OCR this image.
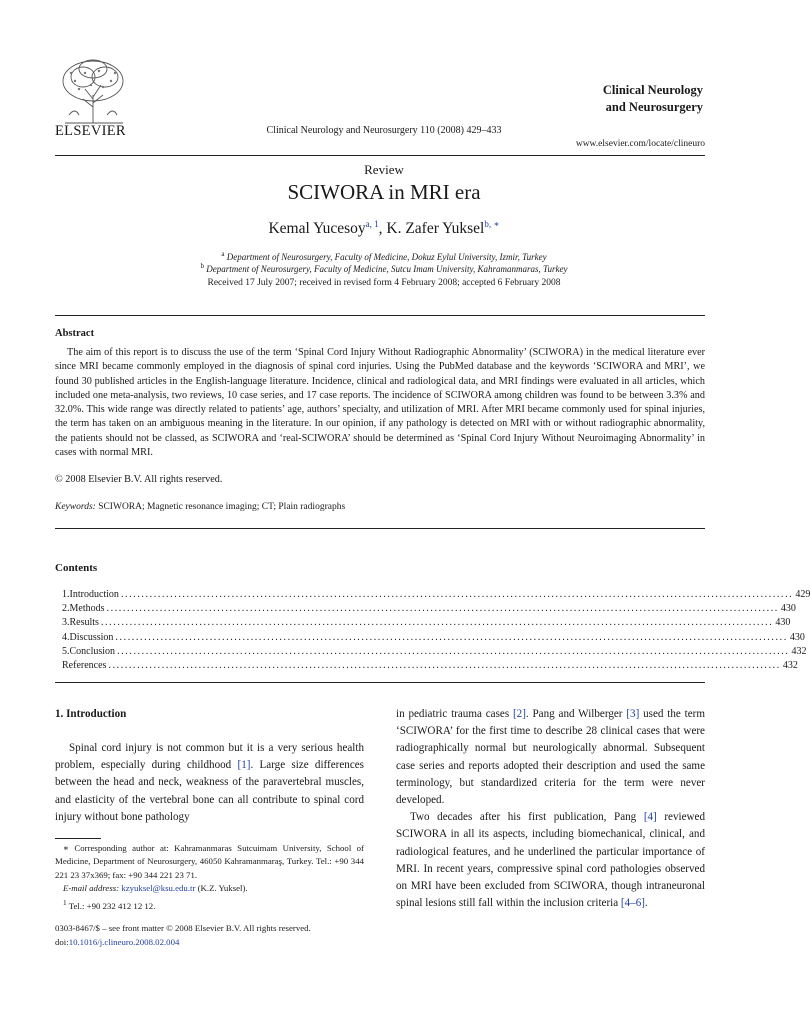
ELSEVIER	Clinical Neurology and Neurosurgery 110 (2008) 429–433
Clinical Neurology
and Neurosurgery
www.elsevier.com/locate/clineuro
Review
SCIWORA in MRI era
Kemal Yucesoy$^{a, 1}$, K. Zafer Yuksel$^{b, ∗}$
$^a$ Department of Neurosurgery, Faculty of Medicine, Dokuz Eylul University, Izmir, Turkey
$^b$ Department of Neurosurgery, Faculty of Medicine, Sutcu Imam University, Kahramanmaras, Turkey
Received 17 July 2007; received in revised form 4 February 2008; accepted 6 February 2008
Abstract
The aim of this report is to discuss the use of the term ‘Spinal Cord Injury Without Radiographic Abnormality’ (SCIWORA) in the medical literature ever since MRI became commonly employed in the diagnosis of spinal cord injuries. Using the PubMed database and the keywords ‘SCIWORA and MRI’, we found 30 published articles in the English-language literature. Incidence, clinical and radiological data, and MRI findings were evaluated in all articles, which included one meta-analysis, two reviews, 10 case series, and 17 case reports. The incidence of SCIWORA among children was found to be between 3.3% and 32.0%. This wide range was directly related to patients’ age, authors’ specialty, and utilization of MRI. After MRI became commonly used for spinal injuries, the term has taken on an ambiguous meaning in the literature. In our opinion, if any pathology is detected on MRI with or without radiographic abnormality, the patients should not be classed, as SCIWORA and ‘real-SCIWORA’ should be determined as ‘Spinal Cord Injury Without Neuroimaging Abnormality’ in cases with normal MRI.
© 2008 Elsevier B.V. All rights reserved.
Keywords: SCIWORA; Magnetic resonance imaging; CT; Plain radiographs
Contents
1. Introduction .................................................................................................................................................................... 429
2. Methods .................................................................................................................................................................... 430
3. Results .................................................................................................................................................................... 430
4. Discussion .................................................................................................................................................................... 430
5. Conclusion .................................................................................................................................................................... 432
References .................................................................................................................................................................... 432
1. Introduction

Spinal cord injury is not common but it is a very serious health problem, especially during childhood [1]. Large size differences between the head and neck, weakness of the paravertebral muscles, and elasticity of the vertebral bone can all contribute to spinal cord injury without bone pathology

∗ Corresponding author at: Kahramanmaras Sutcuimam University, School of Medicine, Department of Neurosurgery, 46050 Kahramanmaraş, Turkey. Tel.: +90 344 221 23 37x369; fax: +90 344 221 23 71.

E-mail address: kzyuksel@ksu.edu.tr (K.Z. Yuksel).

$^1$ Tel.: +90 232 412 12 12.

0303-8467/$ – see front matter © 2008 Elsevier B.V. All rights reserved.
doi:10.1016/j.clineuro.2008.02.004

in pediatric trauma cases [2]. Pang and Wilberger [3] used the term ‘SCIWORA’ for the first time to describe 28 clinical cases that were radiographically normal but neurologically abnormal. Subsequent case series and reports adopted their description and used the same terminology, but standardized criteria for the term were never developed.

Two decades after his first publication, Pang [4] reviewed SCIWORA in all its aspects, including biomechanical, clinical, and radiological features, and he underlined the particular importance of MRI. In recent years, compressive spinal cord pathologies observed on MRI have been excluded from SCIWORA, though intraneuronal spinal lesions still fall within the inclusion criteria [4–6].
